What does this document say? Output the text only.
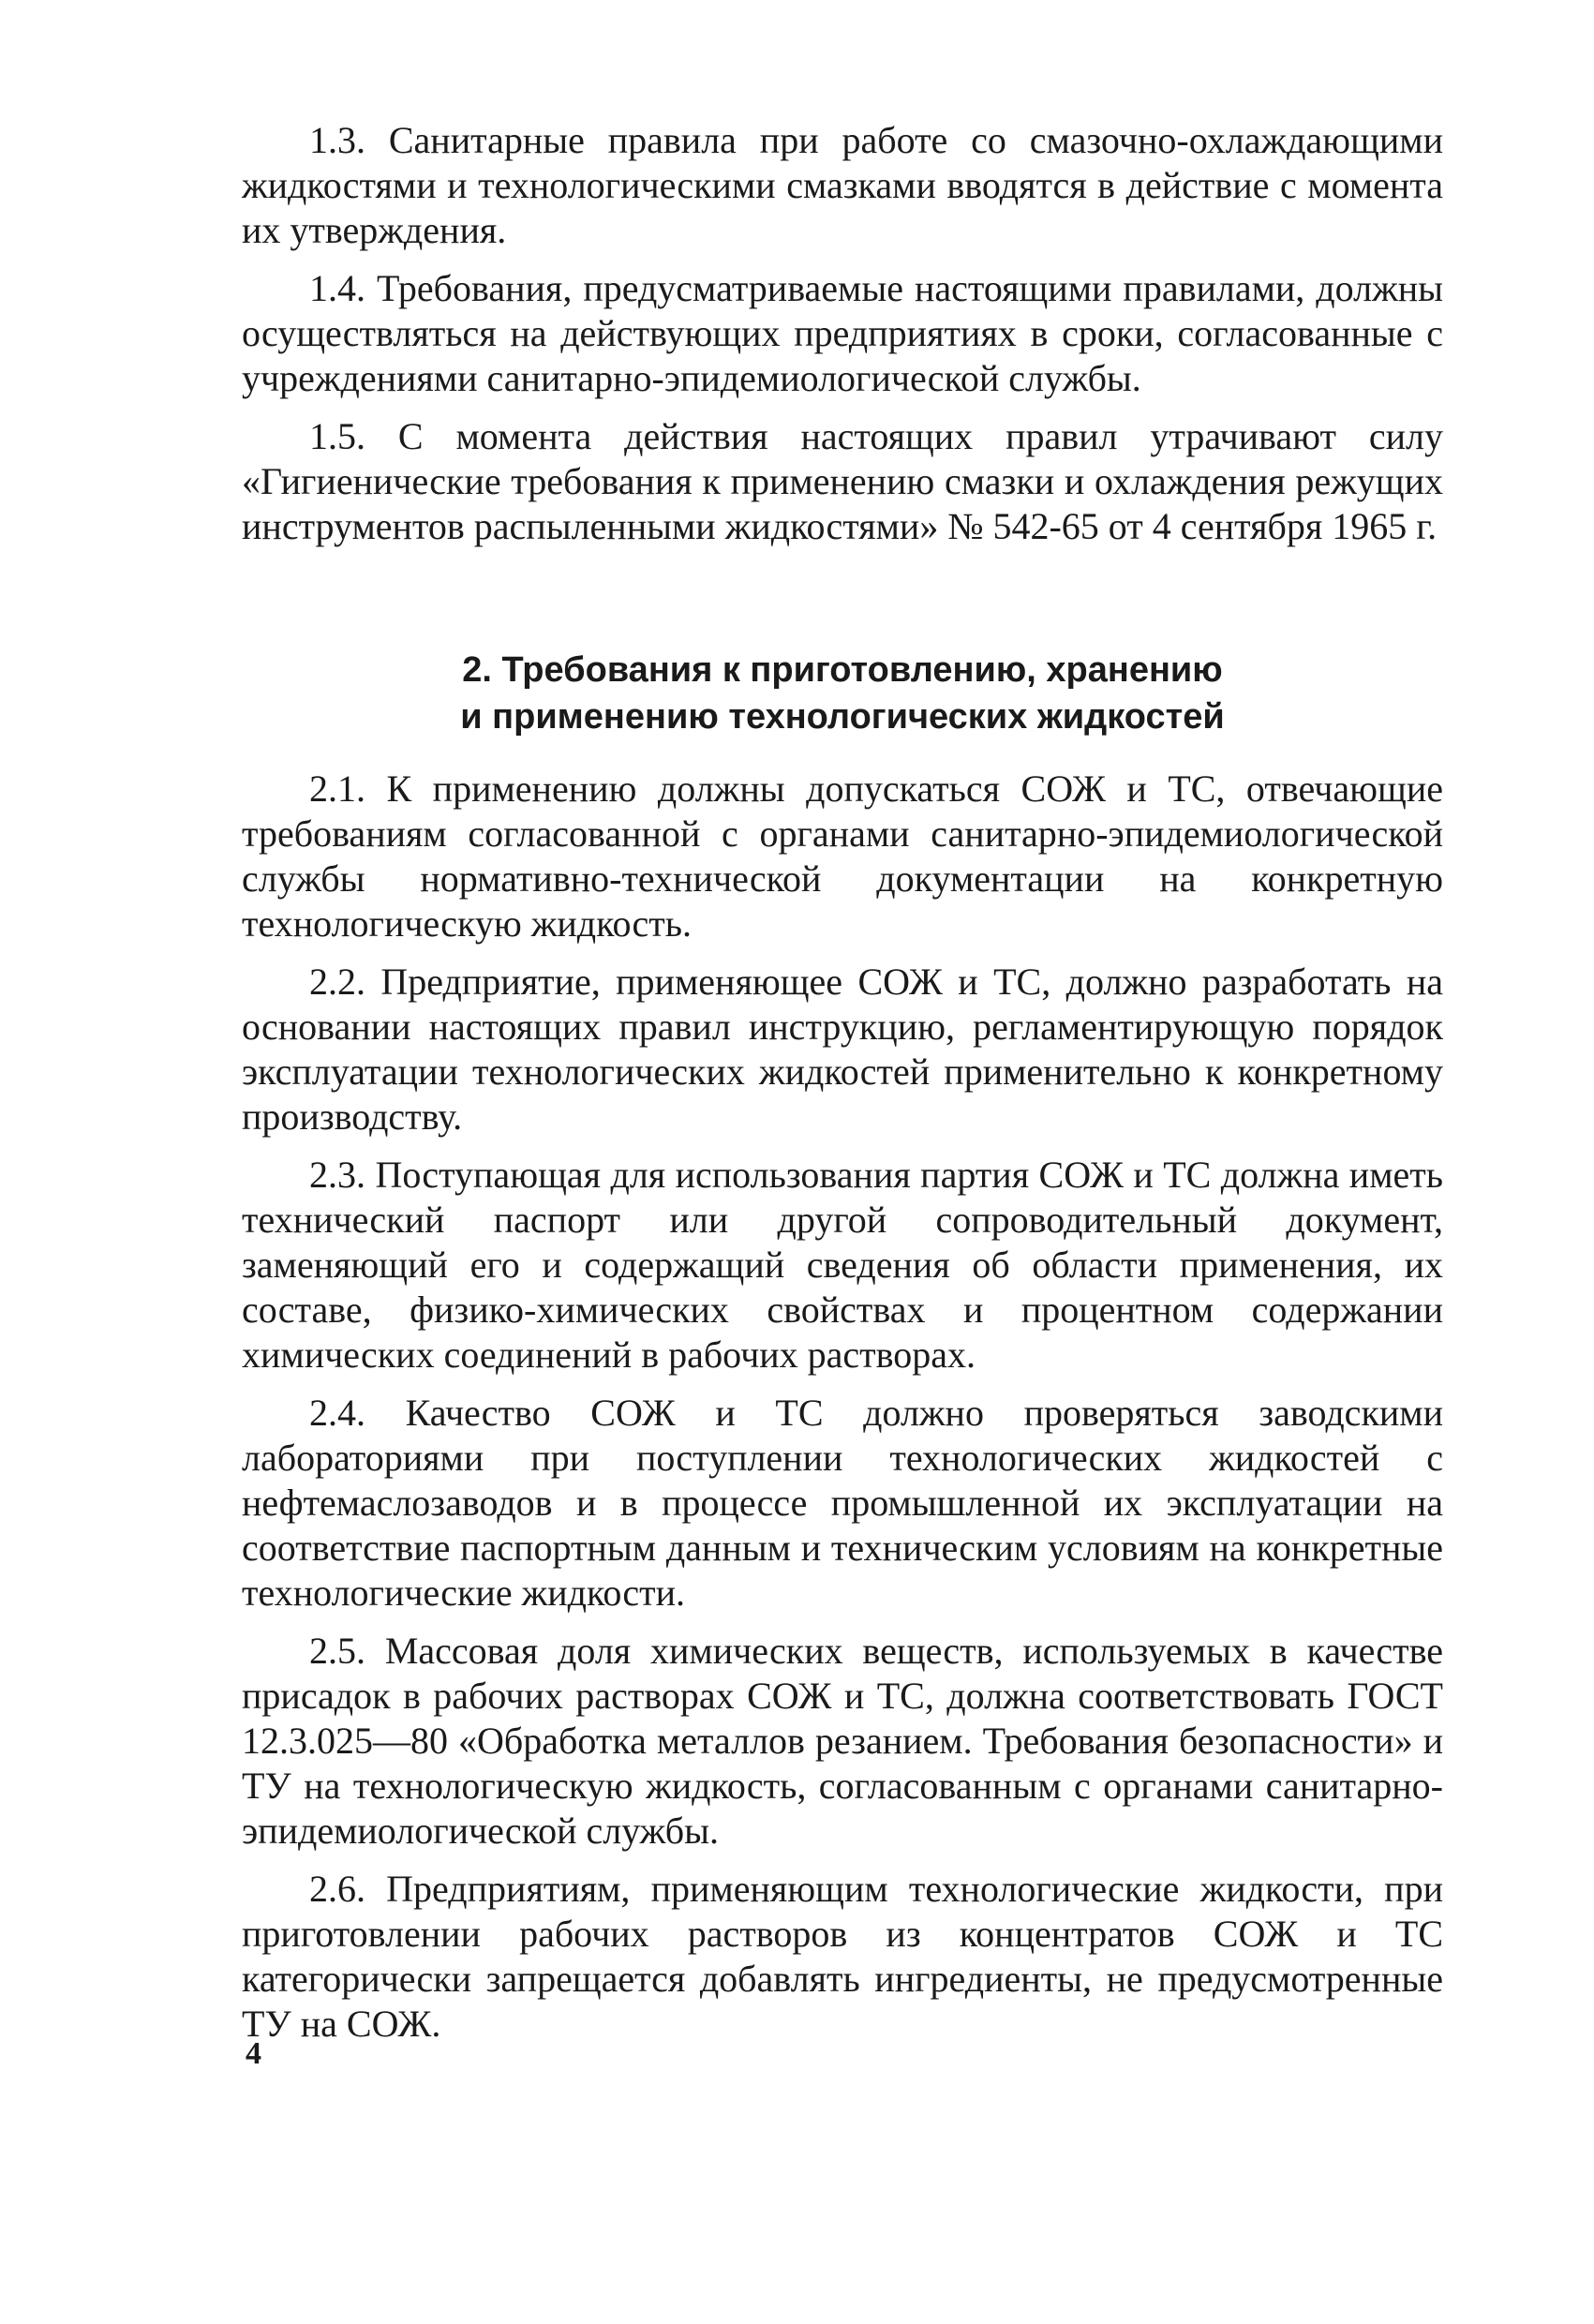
1.3. Санитарные правила при работе со смазочно-охлаждающими жидкостями и технологическими смазками вводятся в действие с момента их утверждения.

1.4. Требования, предусматриваемые настоящими правилами, должны осуществляться на действующих предприятиях в сроки, согласованные с учреждениями санитарно-эпидемиологической службы.

1.5. С момента действия настоящих правил утрачивают силу «Гигиенические требования к применению смазки и охлаждения режущих инструментов распыленными жидкостями» № 542-65 от 4 сентября 1965 г.

2. Требования к приготовлению, хранению
и применению технологических жидкостей

2.1. К применению должны допускаться СОЖ и ТС, отвечающие требованиям согласованной с органами санитарно-эпидемиологической службы нормативно-технической документации на конкретную технологическую жидкость.

2.2. Предприятие, применяющее СОЖ и ТС, должно разработать на основании настоящих правил инструкцию, регламентирующую порядок эксплуатации технологических жидкостей применительно к конкретному производству.

2.3. Поступающая для использования партия СОЖ и ТС должна иметь технический паспорт или другой сопроводительный документ, заменяющий его и содержащий сведения об области применения, их составе, физико-химических свойствах и процентном содержании химических соединений в рабочих растворах.

2.4. Качество СОЖ и ТС должно проверяться заводскими лабораториями при поступлении технологических жидкостей с нефтемаслозаводов и в процессе промышленной их эксплуатации на соответствие паспортным данным и техническим условиям на конкретные технологические жидкости.

2.5. Массовая доля химических веществ, используемых в качестве присадок в рабочих растворах СОЖ и ТС, должна соответствовать ГОСТ 12.3.025—80 «Обработка металлов резанием. Требования безопасности» и ТУ на технологическую жидкость, согласованным с органами санитарно-эпидемиологической службы.

2.6. Предприятиям, применяющим технологические жидкости, при приготовлении рабочих растворов из концентратов СОЖ и ТС категорически запрещается добавлять ингредиенты, не предусмотренные ТУ на СОЖ.

4
